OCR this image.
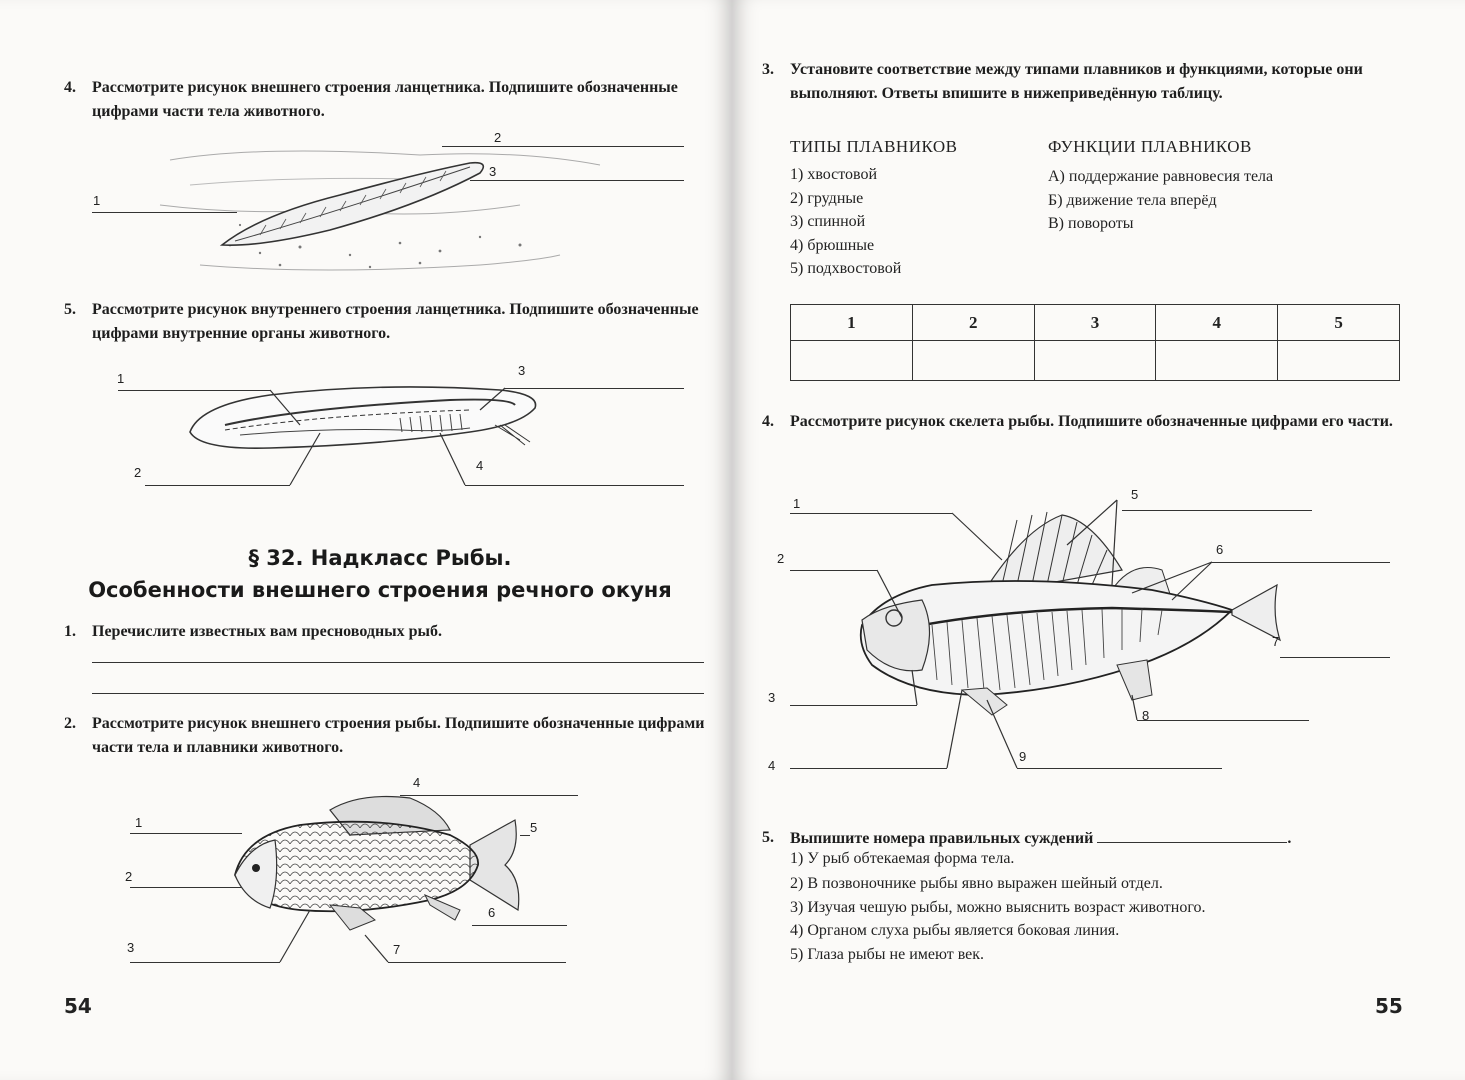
4. Рассмотрите рисунок внешнего строения ланцетника. Подпишите обозначенные цифрами части тела животного.
2
3
1
5. Рассмотрите рисунок внутреннего строения ланцетника. Подпишите обозначенные цифрами внутренние органы животного.
1
3
2	4
§ 32. Надкласс Рыбы.
Особенности внешнего строения речного окуня
1. Перечислите известных вам пресноводных рыб.
2. Рассмотрите рисунок внешнего строения рыбы. Подпишите обозначенные цифрами части тела и плавники животного.
4
5
1
2
6
3	7
54
3. Установите соответствие между типами плавников и функциями, которые они выполняют. Ответы впишите в нижеприведённую таблицу.
ТИПЫ ПЛАВНИКОВ
1) хвостовой
2) грудные
3) спинной
4) брюшные
5) подхвостовой
ФУНКЦИИ ПЛАВНИКОВ
А) поддержание равновесия тела
Б) движение тела вперёд
В) повороты
1	2	3	4	5

4. Рассмотрите рисунок скелета рыбы. Подпишите обозначенные цифрами его части.
1
5
2
6
7
3
8
4
9
5. Выпишите номера правильных суждений	.
1) У рыб обтекаемая форма тела.
2) В позвоночнике рыбы явно выражен шейный отдел.
3) Изучая чешую рыбы, можно выяснить возраст животного.
4) Органом слуха рыбы является боковая линия.
5) Глаза рыбы не имеют век.
55
